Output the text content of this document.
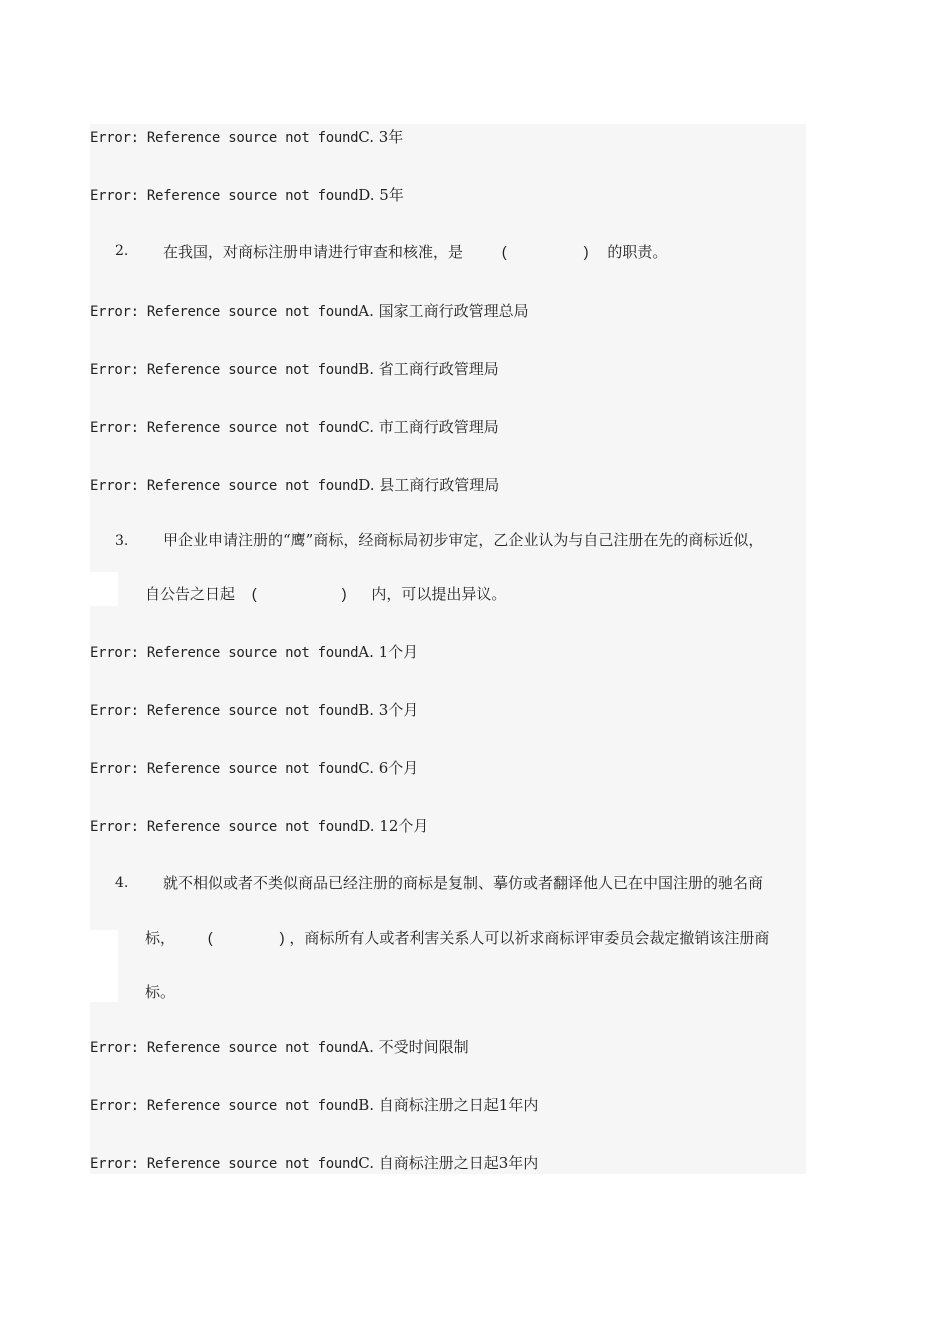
Error: Reference source not foundC. 3年
Error: Reference source not foundD. 5年
2. 在我国，对商标注册申请进行审查和核准，是	(	) 的职责。
Error: Reference source not foundA. 国家工商行政管理总局
Error: Reference source not foundB. 省工商行政管理局
Error: Reference source not foundC. 市工商行政管理局
Error: Reference source not foundD. 县工商行政管理局
3. 甲企业申请注册的“鹰”商标，经商标局初步审定，乙企业认为与自己注册在先的商标近似，
自公告之日起 (	) 内，可以提出异议。
Error: Reference source not foundA. 1个月
Error: Reference source not foundB. 3个月
Error: Reference source not foundC. 6个月
Error: Reference source not foundD. 12个月
4. 就不相似或者不类似商品已经注册的商标是复制、摹仿或者翻译他人已在中国注册的驰名商
标， (	) ，商标所有人或者利害关系人可以祈求商标评审委员会裁定撤销该注册商
标。
Error: Reference source not foundA. 不受时间限制
Error: Reference source not foundB. 自商标注册之日起1年内
Error: Reference source not foundC. 自商标注册之日起3年内
